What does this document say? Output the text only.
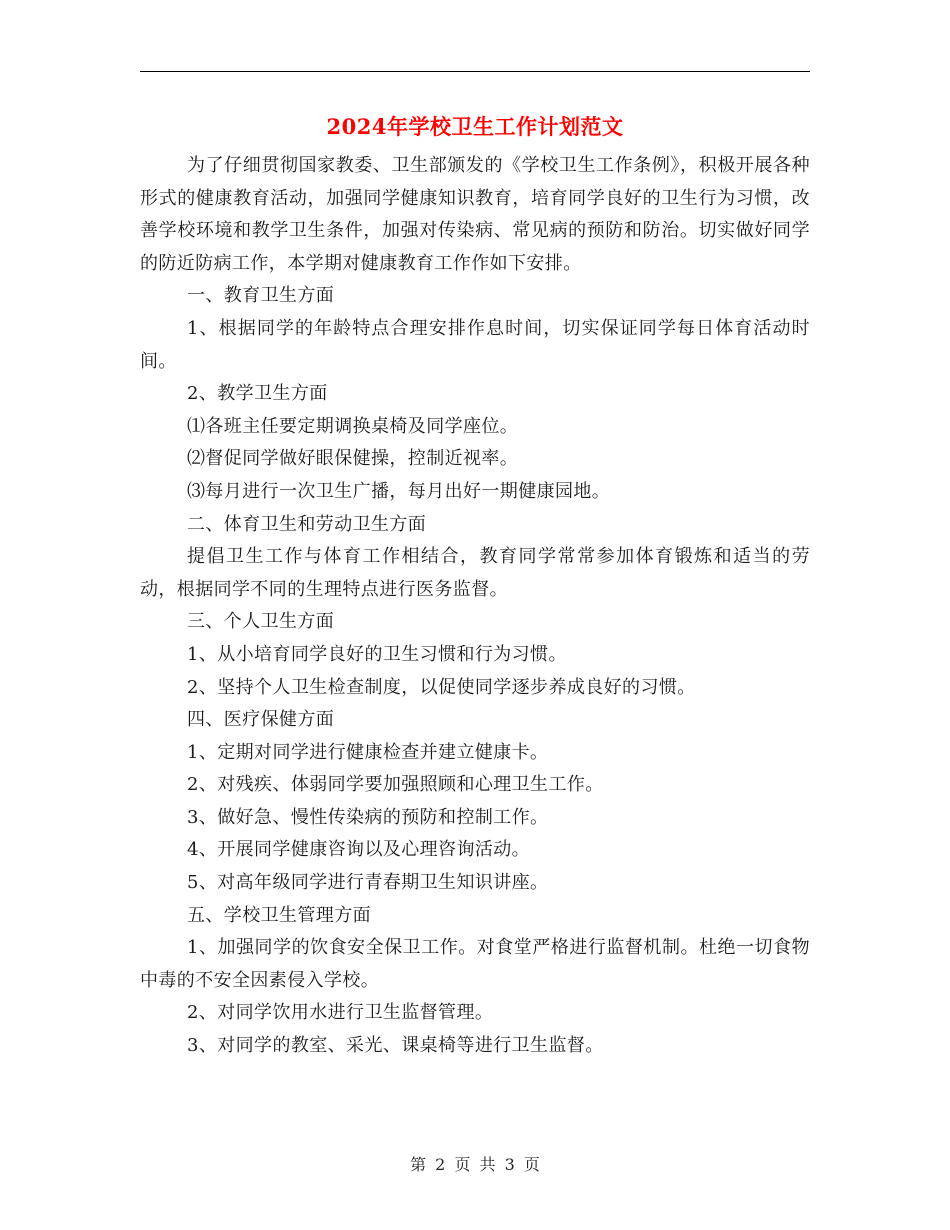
2024年学校卫生工作计划范文

为了仔细贯彻国家教委、卫生部颁发的《学校卫生工作条例》，积极开展各种形式的健康教育活动，加强同学健康知识教育，培育同学良好的卫生行为习惯，改善学校环境和教学卫生条件，加强对传染病、常见病的预防和防治。切实做好同学的防近防病工作，本学期对健康教育工作作如下安排。

一、教育卫生方面

1、根据同学的年龄特点合理安排作息时间，切实保证同学每日体育活动时间。

2、教学卫生方面

⑴各班主任要定期调换桌椅及同学座位。

⑵督促同学做好眼保健操，控制近视率。

⑶每月进行一次卫生广播，每月出好一期健康园地。

二、体育卫生和劳动卫生方面

提倡卫生工作与体育工作相结合，教育同学常常参加体育锻炼和适当的劳动，根据同学不同的生理特点进行医务监督。

三、个人卫生方面

1、从小培育同学良好的卫生习惯和行为习惯。

2、坚持个人卫生检查制度，以促使同学逐步养成良好的习惯。

四、医疗保健方面

1、定期对同学进行健康检查并建立健康卡。

2、对残疾、体弱同学要加强照顾和心理卫生工作。

3、做好急、慢性传染病的预防和控制工作。

4、开展同学健康咨询以及心理咨询活动。

5、对高年级同学进行青春期卫生知识讲座。

五、学校卫生管理方面

1、加强同学的饮食安全保卫工作。对食堂严格进行监督机制。杜绝一切食物中毒的不安全因素侵入学校。

2、对同学饮用水进行卫生监督管理。

3、对同学的教室、采光、课桌椅等进行卫生监督。

第 2 页 共 3 页
